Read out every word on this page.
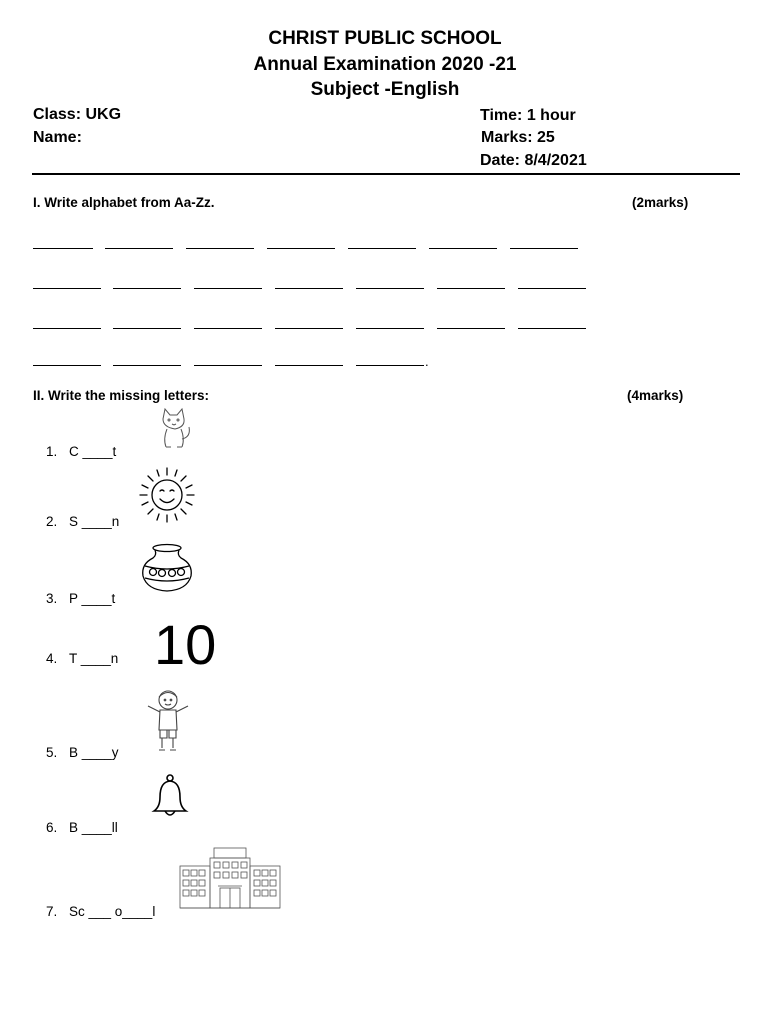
CHRIST PUBLIC SCHOOL
Annual Examination 2020 -21
Subject -English
Class: UKG
Name:
Time: 1 hour
Marks: 25
Date: 8/4/2021
I. Write alphabet from Aa-Zz.	(2marks)
.
II. Write the missing letters:	(4marks)
1. C ____t
2. S ____n
3. P ____t
4. T ____n
5. B ____y
6. B ____ll
7. Sc ___ o____l
10
